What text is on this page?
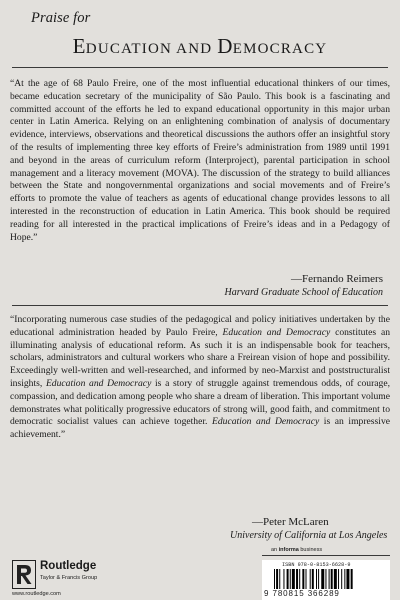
Praise for
EDUCATION AND DEMOCRACY
“At the age of 68 Paulo Freire, one of the most influential educational thinkers of our times, became education secretary of the municipality of São Paulo. This book is a fascinating and committed account of the efforts he led to expand educational opportunity in this major urban center in Latin America. Relying on an enlightening combination of analysis of documentary evidence, interviews, observations and theoretical discussions the authors offer an insightful story of the results of implementing three key efforts of Freire’s administration from 1989 until 1991 and beyond in the areas of curriculum reform (Interproject), parental participation in school management and a literacy movement (MOVA). The discussion of the strategy to build alliances between the State and nongovernmental organizations and social movements and of Freire’s efforts to promote the value of teachers as agents of educational change provides lessons to all interested in the reconstruction of education in Latin America. This book should be required reading for all interested in the practical implications of Freire’s ideas and in a Pedagogy of Hope.”
—Fernando Reimers
Harvard Graduate School of Education
“Incorporating numerous case studies of the pedagogical and policy initiatives undertaken by the educational administration headed by Paulo Freire, Education and Democracy constitutes an illuminating analysis of educational reform. As such it is an indispensable book for teachers, scholars, administrators and cultural workers who share a Freirean vision of hope and possibility. Exceedingly well-written and well-researched, and informed by neo-Marxist and poststructuralist insights, Education and Democracy is a story of struggle against tremendous odds, of courage, compassion, and dedication among people who share a dream of liberation. This important volume demonstrates what politically progressive educators of strong will, good faith, and commitment to democratic socialist values can achieve together. Education and Democracy is an impressive achievement.”
—Peter McLaren
University of California at Los Angeles
an informa business
Routledge
Taylor & Francis Group
www.routledge.com
ISBN 978-0-8153-6628-9
9 780815 366289
